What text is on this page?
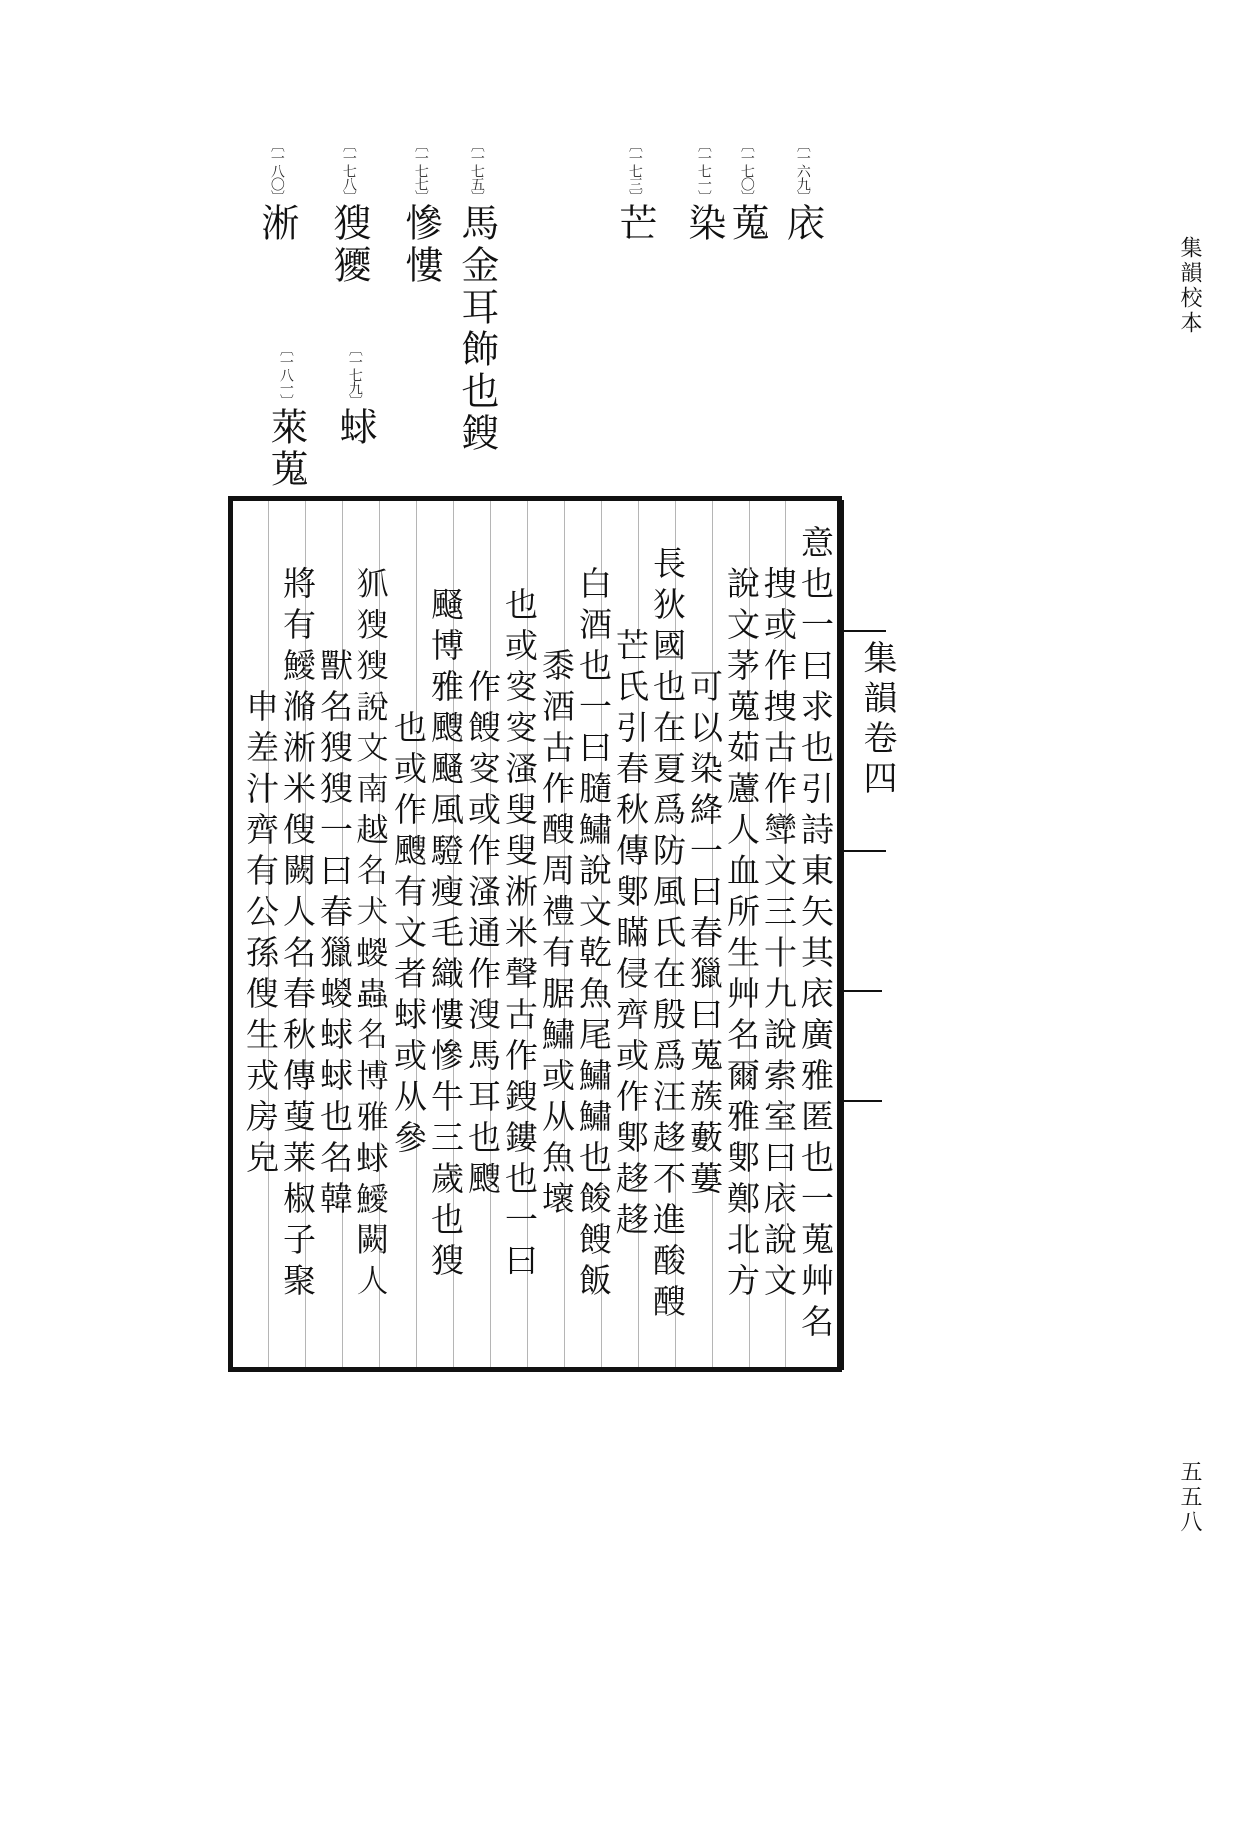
集韻校本
五五八
〔一六九〕庡
〔一七〇〕蒐
〔一七一〕染
〔一七三〕芒
〔一七五〕馬金耳飾也鎪
〔一七七〕慘慺
〔一七八〕獀獿
〔一七九〕蛷
〔一八〇〕淅
〔一八一〕萊蒐
集韻卷四
意也一曰求也引詩東矢其庡廣雅匿也一蒐艸名
捜或作捜古作㪻文三十九說索室曰庡說文
說文茅蒐茹藘人血所生艸名爾雅鄋鄭北方
可以染絳一曰春獵曰蒐蔟藪蔞
長狄國也在夏爲防風氏在殷爲汪趍不進酸醙
芒氏引春秋傳鄋瞞侵齊或作鄋趍趍
白酒也一曰膸鱐說文乾魚尾鱐鱐也餕餿飯
黍酒古作醙周禮有腒鱐或从魚壞
也或叜叜溞叟叟淅米聲古作鎪鏤也一曰
作餿叜或作溞通作溲馬耳也颼
颾博雅颼颾風䮴瘦毛織慺慘牛三歲也獀
也或作颼有文者蛷或从參
𤜶獀獀說文南越名犬蝬蟲名博雅蛷鱫闕人
獸名獀獀一曰春獵蝬蛷蛷也名韓
將有鱫滫淅米傁闕人名春秋傳蓃莱椒子聚
申差汁齊有公孫傁生戎房皃
